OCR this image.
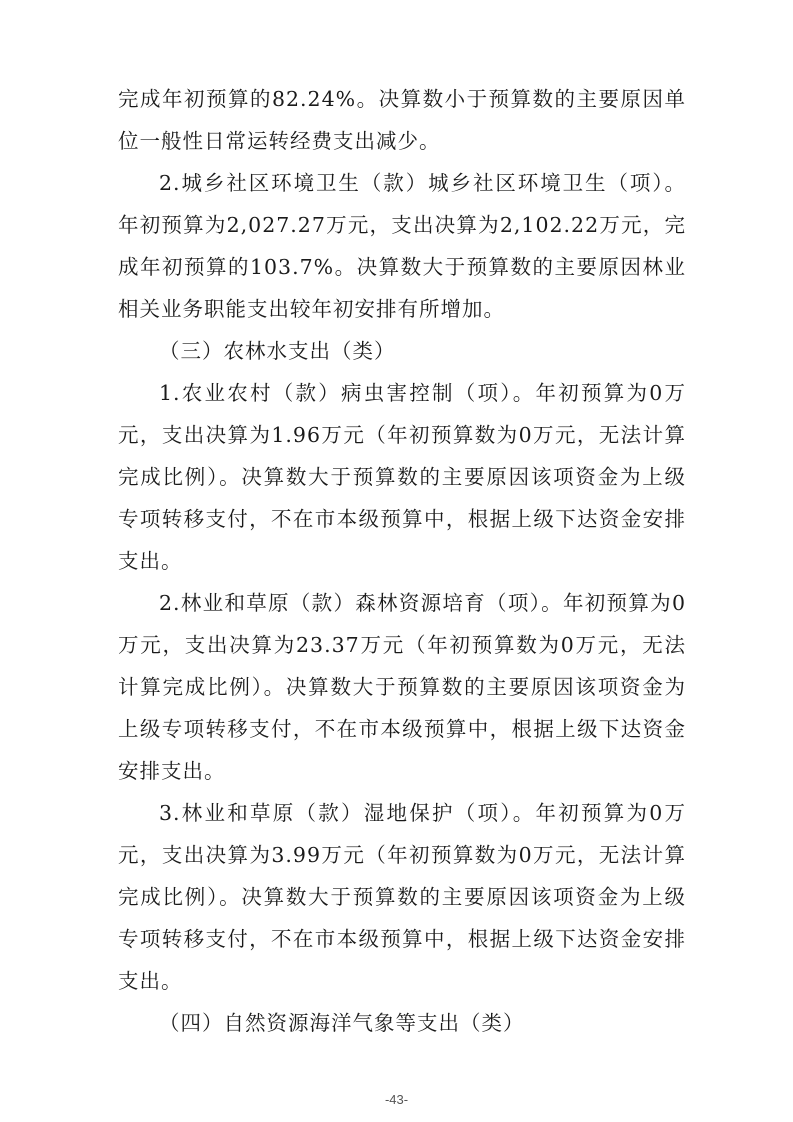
完成年初预算的82.24%。决算数小于预算数的主要原因单位一般性日常运转经费支出减少。

2.城乡社区环境卫生（款）城乡社区环境卫生（项）。年初预算为2,027.27万元，支出决算为2,102.22万元，完成年初预算的103.7%。决算数大于预算数的主要原因林业相关业务职能支出较年初安排有所增加。

（三）农林水支出（类）

1.农业农村（款）病虫害控制（项）。年初预算为0万元，支出决算为1.96万元（年初预算数为0万元，无法计算完成比例）。决算数大于预算数的主要原因该项资金为上级专项转移支付，不在市本级预算中，根据上级下达资金安排支出。

2.林业和草原（款）森林资源培育（项）。年初预算为0万元，支出决算为23.37万元（年初预算数为0万元，无法计算完成比例）。决算数大于预算数的主要原因该项资金为上级专项转移支付，不在市本级预算中，根据上级下达资金安排支出。

3.林业和草原（款）湿地保护（项）。年初预算为0万元，支出决算为3.99万元（年初预算数为0万元，无法计算完成比例）。决算数大于预算数的主要原因该项资金为上级专项转移支付，不在市本级预算中，根据上级下达资金安排支出。

（四）自然资源海洋气象等支出（类）

-43-
